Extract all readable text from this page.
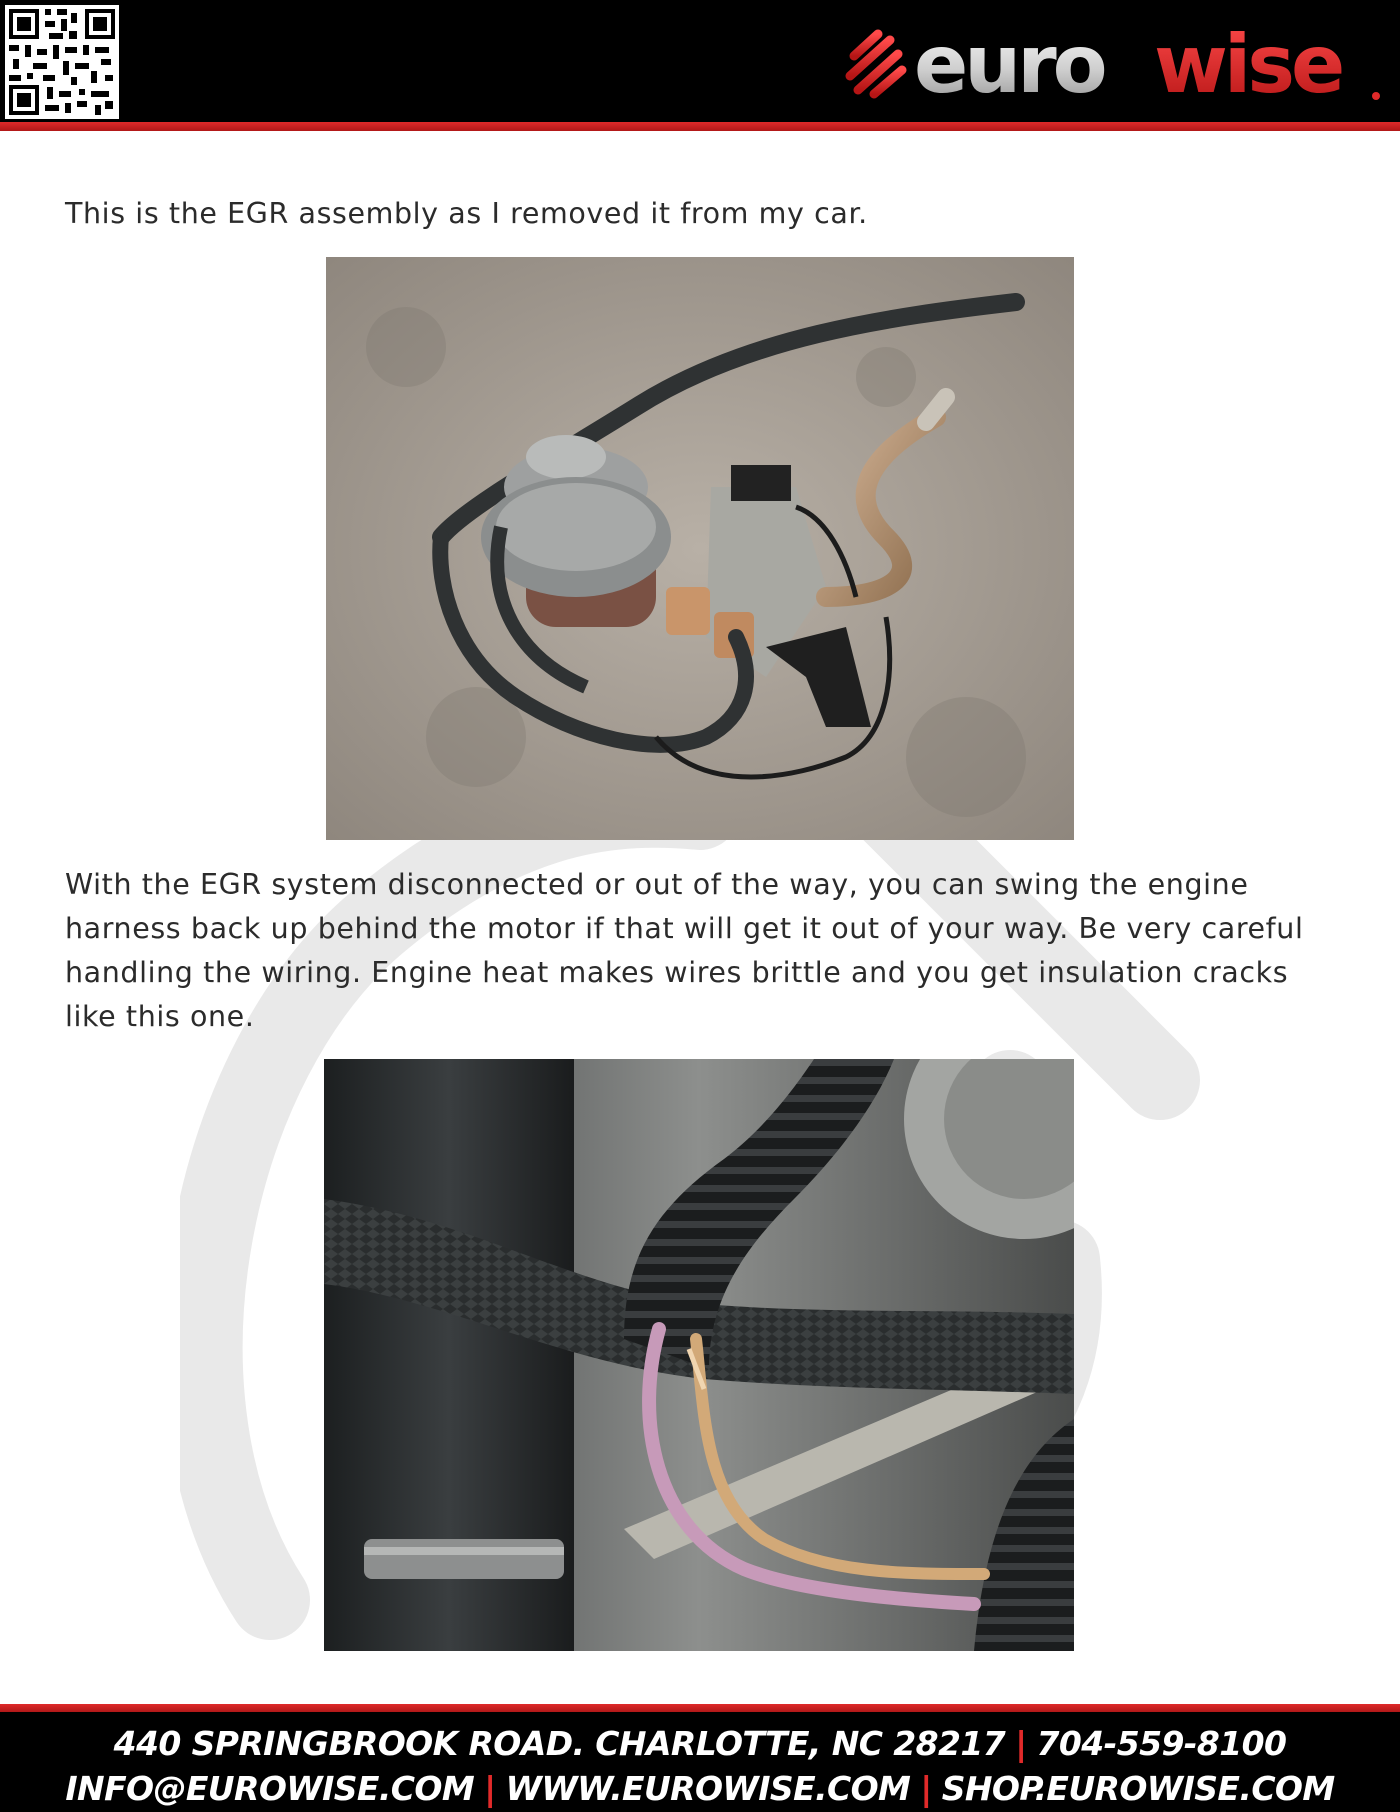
euro wise
This is the EGR assembly as I removed it from my car.
With the EGR system disconnected or out of the way, you can swing the engine harness back up behind the motor if that will get it out of your way. Be very careful handling the wiring. Engine heat makes wires brittle and you get insulation cracks like this one.
440 SPRINGBROOK ROAD. CHARLOTTE, NC 28217 | 704-559-8100
INFO@EUROWISE.COM | WWW.EUROWISE.COM | SHOP.EUROWISE.COM
